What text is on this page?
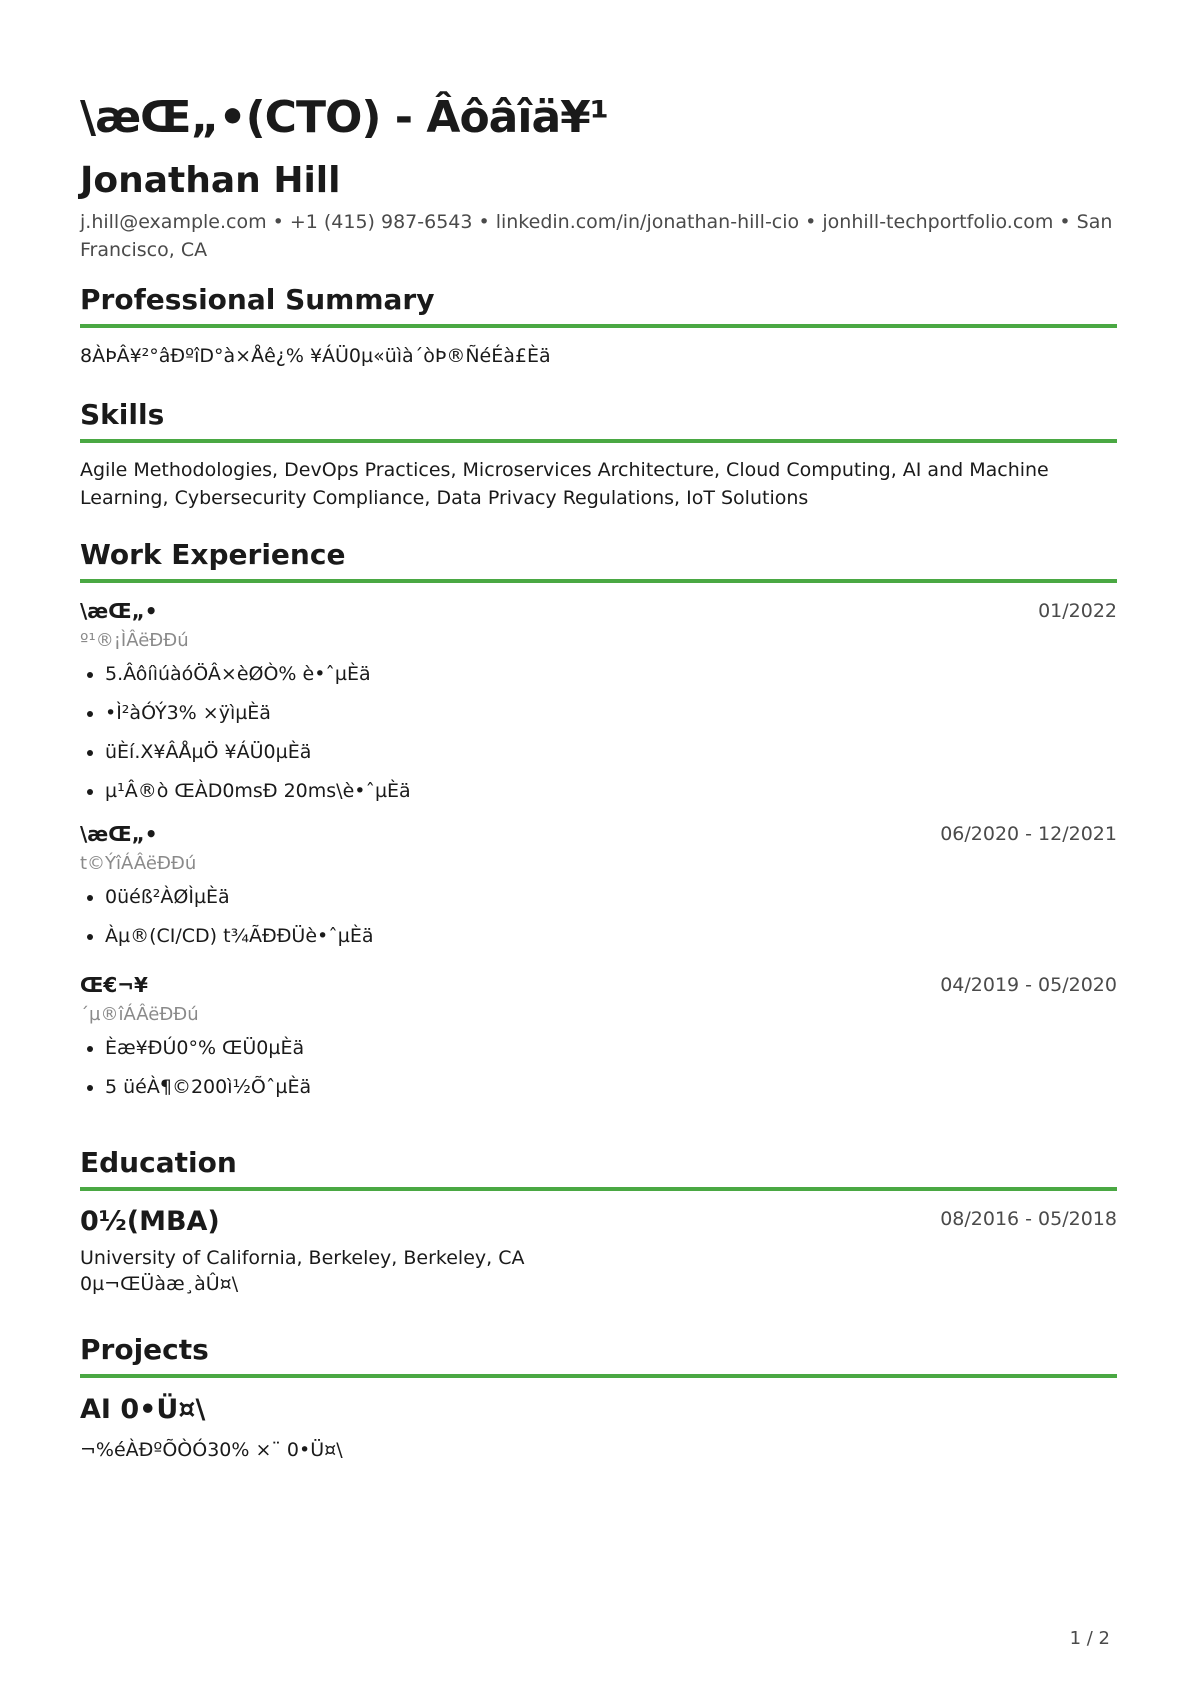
\æŒ„•(CTO) - Âôâîä¥¹
Jonathan Hill
j.hill@example.com • +1 (415) 987-6543 • linkedin.com/in/jonathan-hill-cio • jonhill-techportfolio.com • San Francisco, CA
Professional Summary
8ÀÞÂ¥²°âÐºîD°à×Åê¿% ¥ÁÜ0µ«üìà´òÞ®ÑéÉà£Èä
Skills
Agile Methodologies, DevOps Practices, Microservices Architecture, Cloud Computing, AI and Machine Learning, Cybersecurity Compliance, Data Privacy Regulations, IoT Solutions
Work Experience
\æŒ„•	01/2022
º¹®¡ÌÂëĐĐú
• 5.ÂôíìúàóÖÂ×èØÒ% è•ˆµÈä
• •Ì²àÓÝ3% ×ÿìµÈä
• üÈí.X¥ÂÅµÖ ¥ÁÜ0µÈä
• µ¹Â®ò ŒÀD0msĐ 20ms\è•ˆµÈä
\æŒ„•	06/2020 - 12/2021
t©ÝîÁÂëĐĐú
• 0üéß²ÀØÌµÈä
• Àµ®(CI/CD) t¾ÃÐÐÜè•ˆµÈä
Œ€¬¥	04/2019 - 05/2020
´µ®îÁÂëĐĐú
• Èæ¥ÐÚ0°% ŒÜ0µÈä
• 5 üéÀ¶©200ì½ÕˆµÈä
Education
0½(MBA)	08/2016 - 05/2018
University of California, Berkeley, Berkeley, CA
0µ¬ŒÜàæ¸àÛ¤\
Projects
AI 0•Ü¤\
¬%éÀÐºÕÒÓ30% ×¨ 0•Ü¤\
1 / 2
